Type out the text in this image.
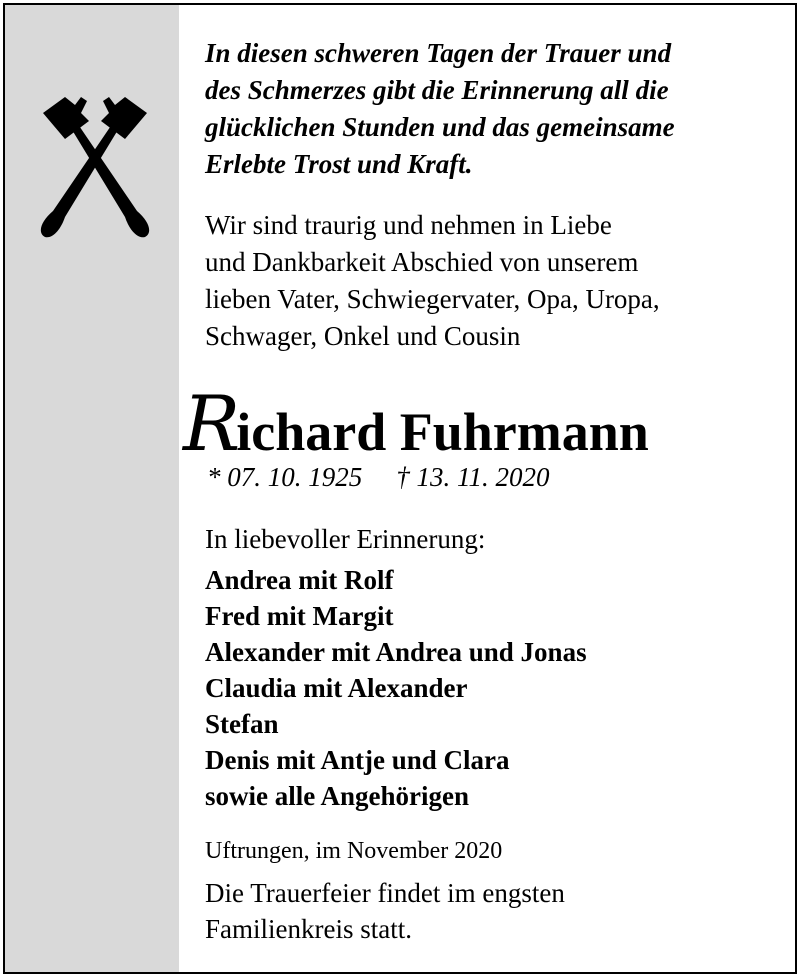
In diesen schweren Tagen der Trauer und
des Schmerzes gibt die Erinnerung all die
glücklichen Stunden und das gemeinsame
Erlebte Trost und Kraft.
Wir sind traurig und nehmen in Liebe
und Dankbarkeit Abschied von unserem
lieben Vater, Schwiegervater, Opa, Uropa,
Schwager, Onkel und Cousin
Richard Fuhrmann
* 07. 10. 1925 † 13. 11. 2020
In liebevoller Erinnerung:
Andrea mit Rolf
Fred mit Margit
Alexander mit Andrea und Jonas
Claudia mit Alexander
Stefan
Denis mit Antje und Clara
sowie alle Angehörigen
Uftrungen, im November 2020
Die Trauerfeier findet im engsten
Familienkreis statt.
